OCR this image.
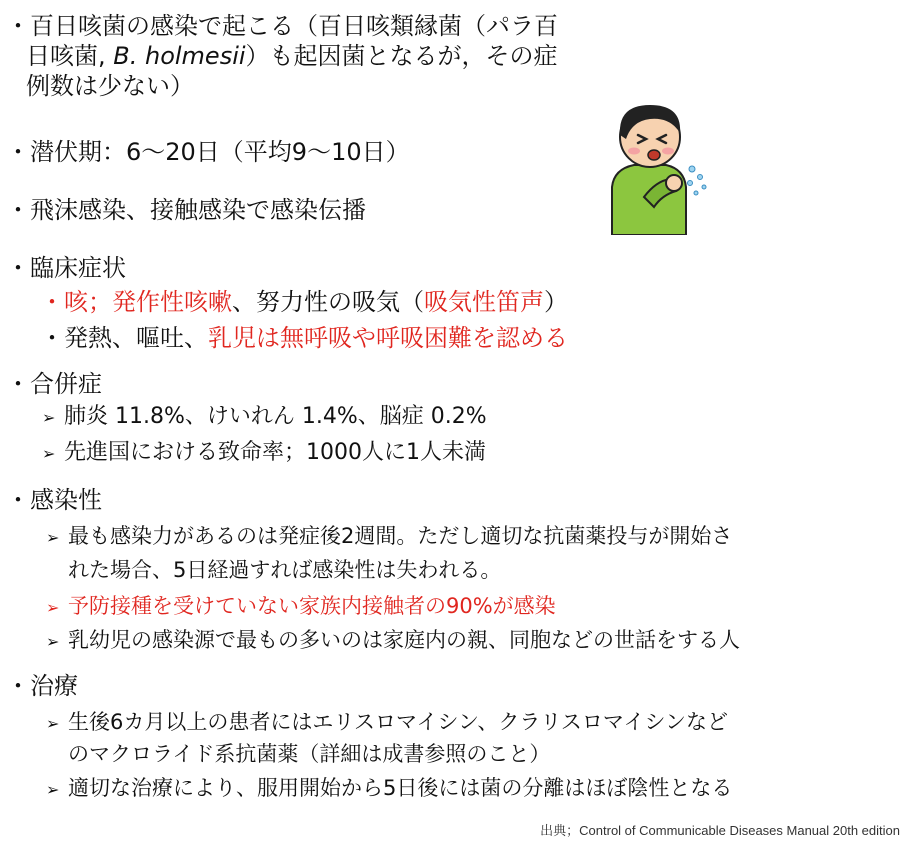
・百日咳菌の感染で起こる（百日咳類縁菌（パラ百
日咳菌, B. holmesii）も起因菌となるが，その症
例数は少ない）
・潜伏期：6〜20日（平均9〜10日）
・飛沫感染、接触感染で感染伝播
・臨床症状
・咳；発作性咳嗽、努力性の吸気（吸気性笛声）
・発熱、嘔吐、乳児は無呼吸や呼吸困難を認める
・合併症
➢ 肺炎 11.8%、けいれん 1.4%、脳症 0.2%
➢ 先進国における致命率；1000人に1人未満
・感染性
➢ 最も感染力があるのは発症後2週間。ただし適切な抗菌薬投与が開始さ
れた場合、5日経過すれば感染性は失われる。
➢ 予防接種を受けていない家族内接触者の90%が感染
➢ 乳幼児の感染源で最もの多いのは家庭内の親、同胞などの世話をする人
・治療
➢ 生後6カ月以上の患者にはエリスロマイシン、クラリスロマイシンなど
のマクロライド系抗菌薬（詳細は成書参照のこと）
➢ 適切な治療により、服用開始から5日後には菌の分離はほぼ陰性となる
出典；Control of Communicable Diseases Manual 20th edition
